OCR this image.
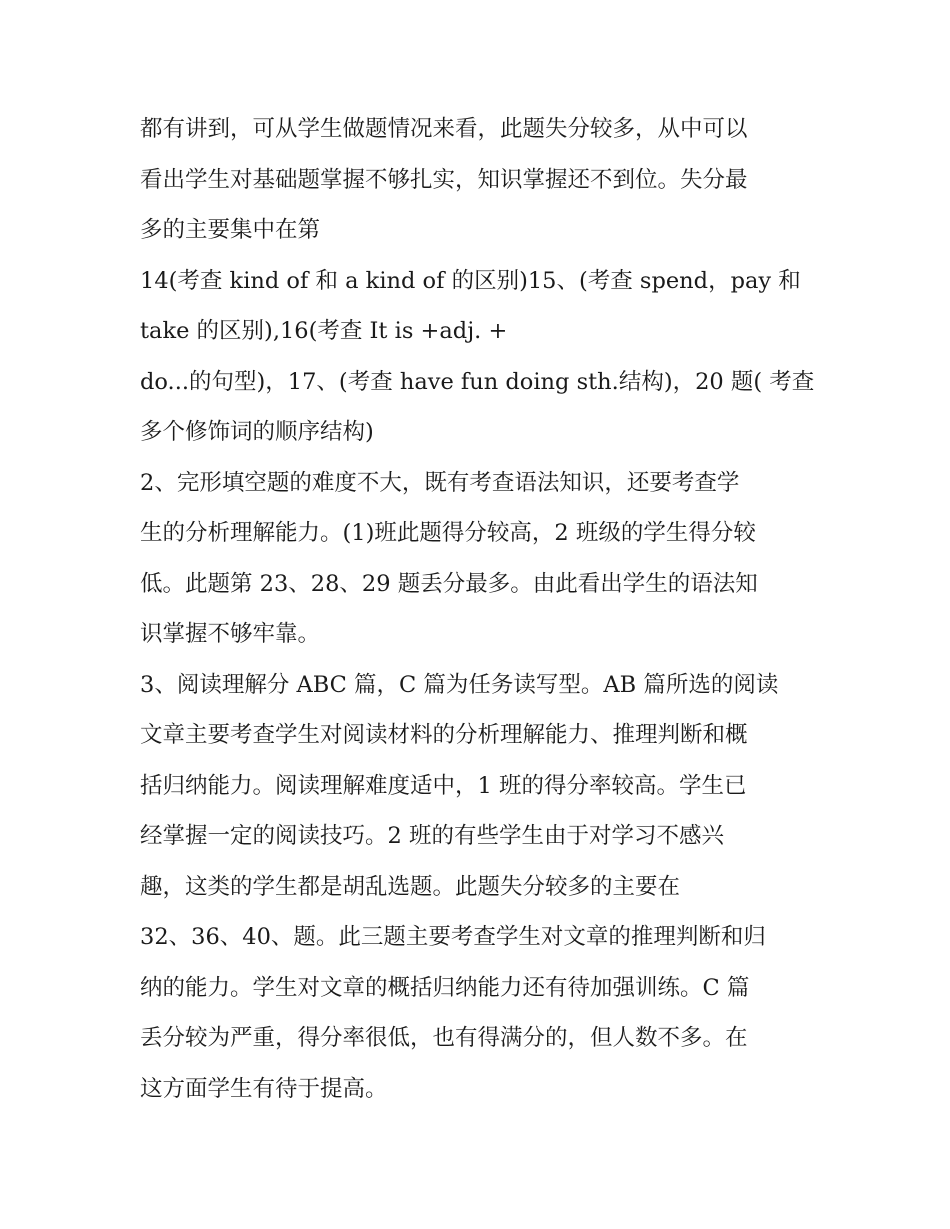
都有讲到，可从学生做题情况来看，此题失分较多，从中可以
看出学生对基础题掌握不够扎实，知识掌握还不到位。失分最
多的主要集中在第
14(考查 kind of 和 a kind of 的区别)15、(考查 spend，pay 和
take 的区别),16(考查 It is +adj. +
do...的句型)，17、(考查 have fun doing sth.结构)，20 题( 考查
多个修饰词的顺序结构)
2、完形填空题的难度不大，既有考查语法知识，还要考查学
生的分析理解能力。(1)班此题得分较高，2 班级的学生得分较
低。此题第 23、28、29 题丢分最多。由此看出学生的语法知
识掌握不够牢靠。
3、阅读理解分 ABC 篇，C 篇为任务读写型。AB 篇所选的阅读
文章主要考查学生对阅读材料的分析理解能力、推理判断和概
括归纳能力。阅读理解难度适中，1 班的得分率较高。学生已
经掌握一定的阅读技巧。2 班的有些学生由于对学习不感兴
趣，这类的学生都是胡乱选题。此题失分较多的主要在
32、36、40、题。此三题主要考查学生对文章的推理判断和归
纳的能力。学生对文章的概括归纳能力还有待加强训练。C 篇
丢分较为严重，得分率很低，也有得满分的，但人数不多。在
这方面学生有待于提高。
